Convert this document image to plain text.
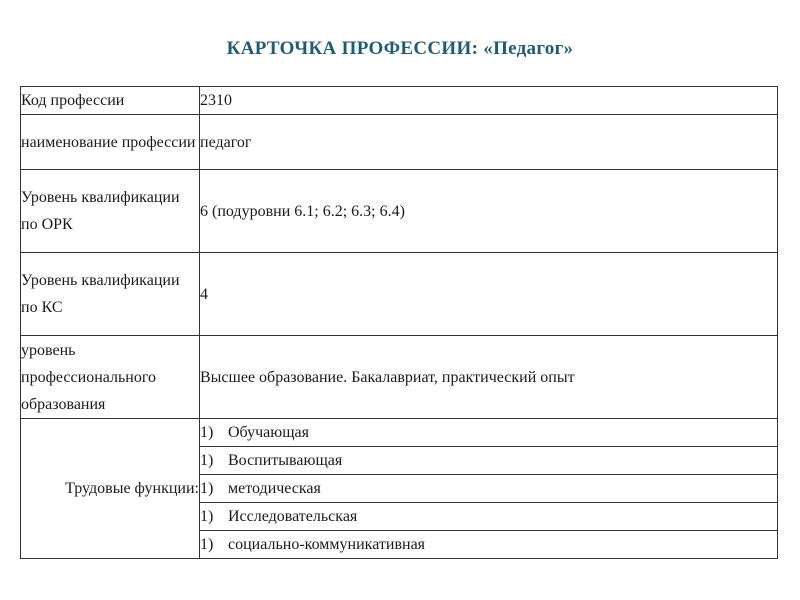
КАРТОЧКА ПРОФЕССИИ: «Педагог»
Код профессии	2310
наименование профессии	педагог
Уровень квалификации по ОРК	6 (подуровни 6.1; 6.2; 6.3; 6.4)
Уровень квалификации по КС	4
уровень профессионального образования	Высшее образование. Бакалавриат, практический опыт
Трудовые функции:	1) Обучающая
	1) Воспитывающая
	1) методическая
	1) Исследовательская
	1) социально-коммуникативная
